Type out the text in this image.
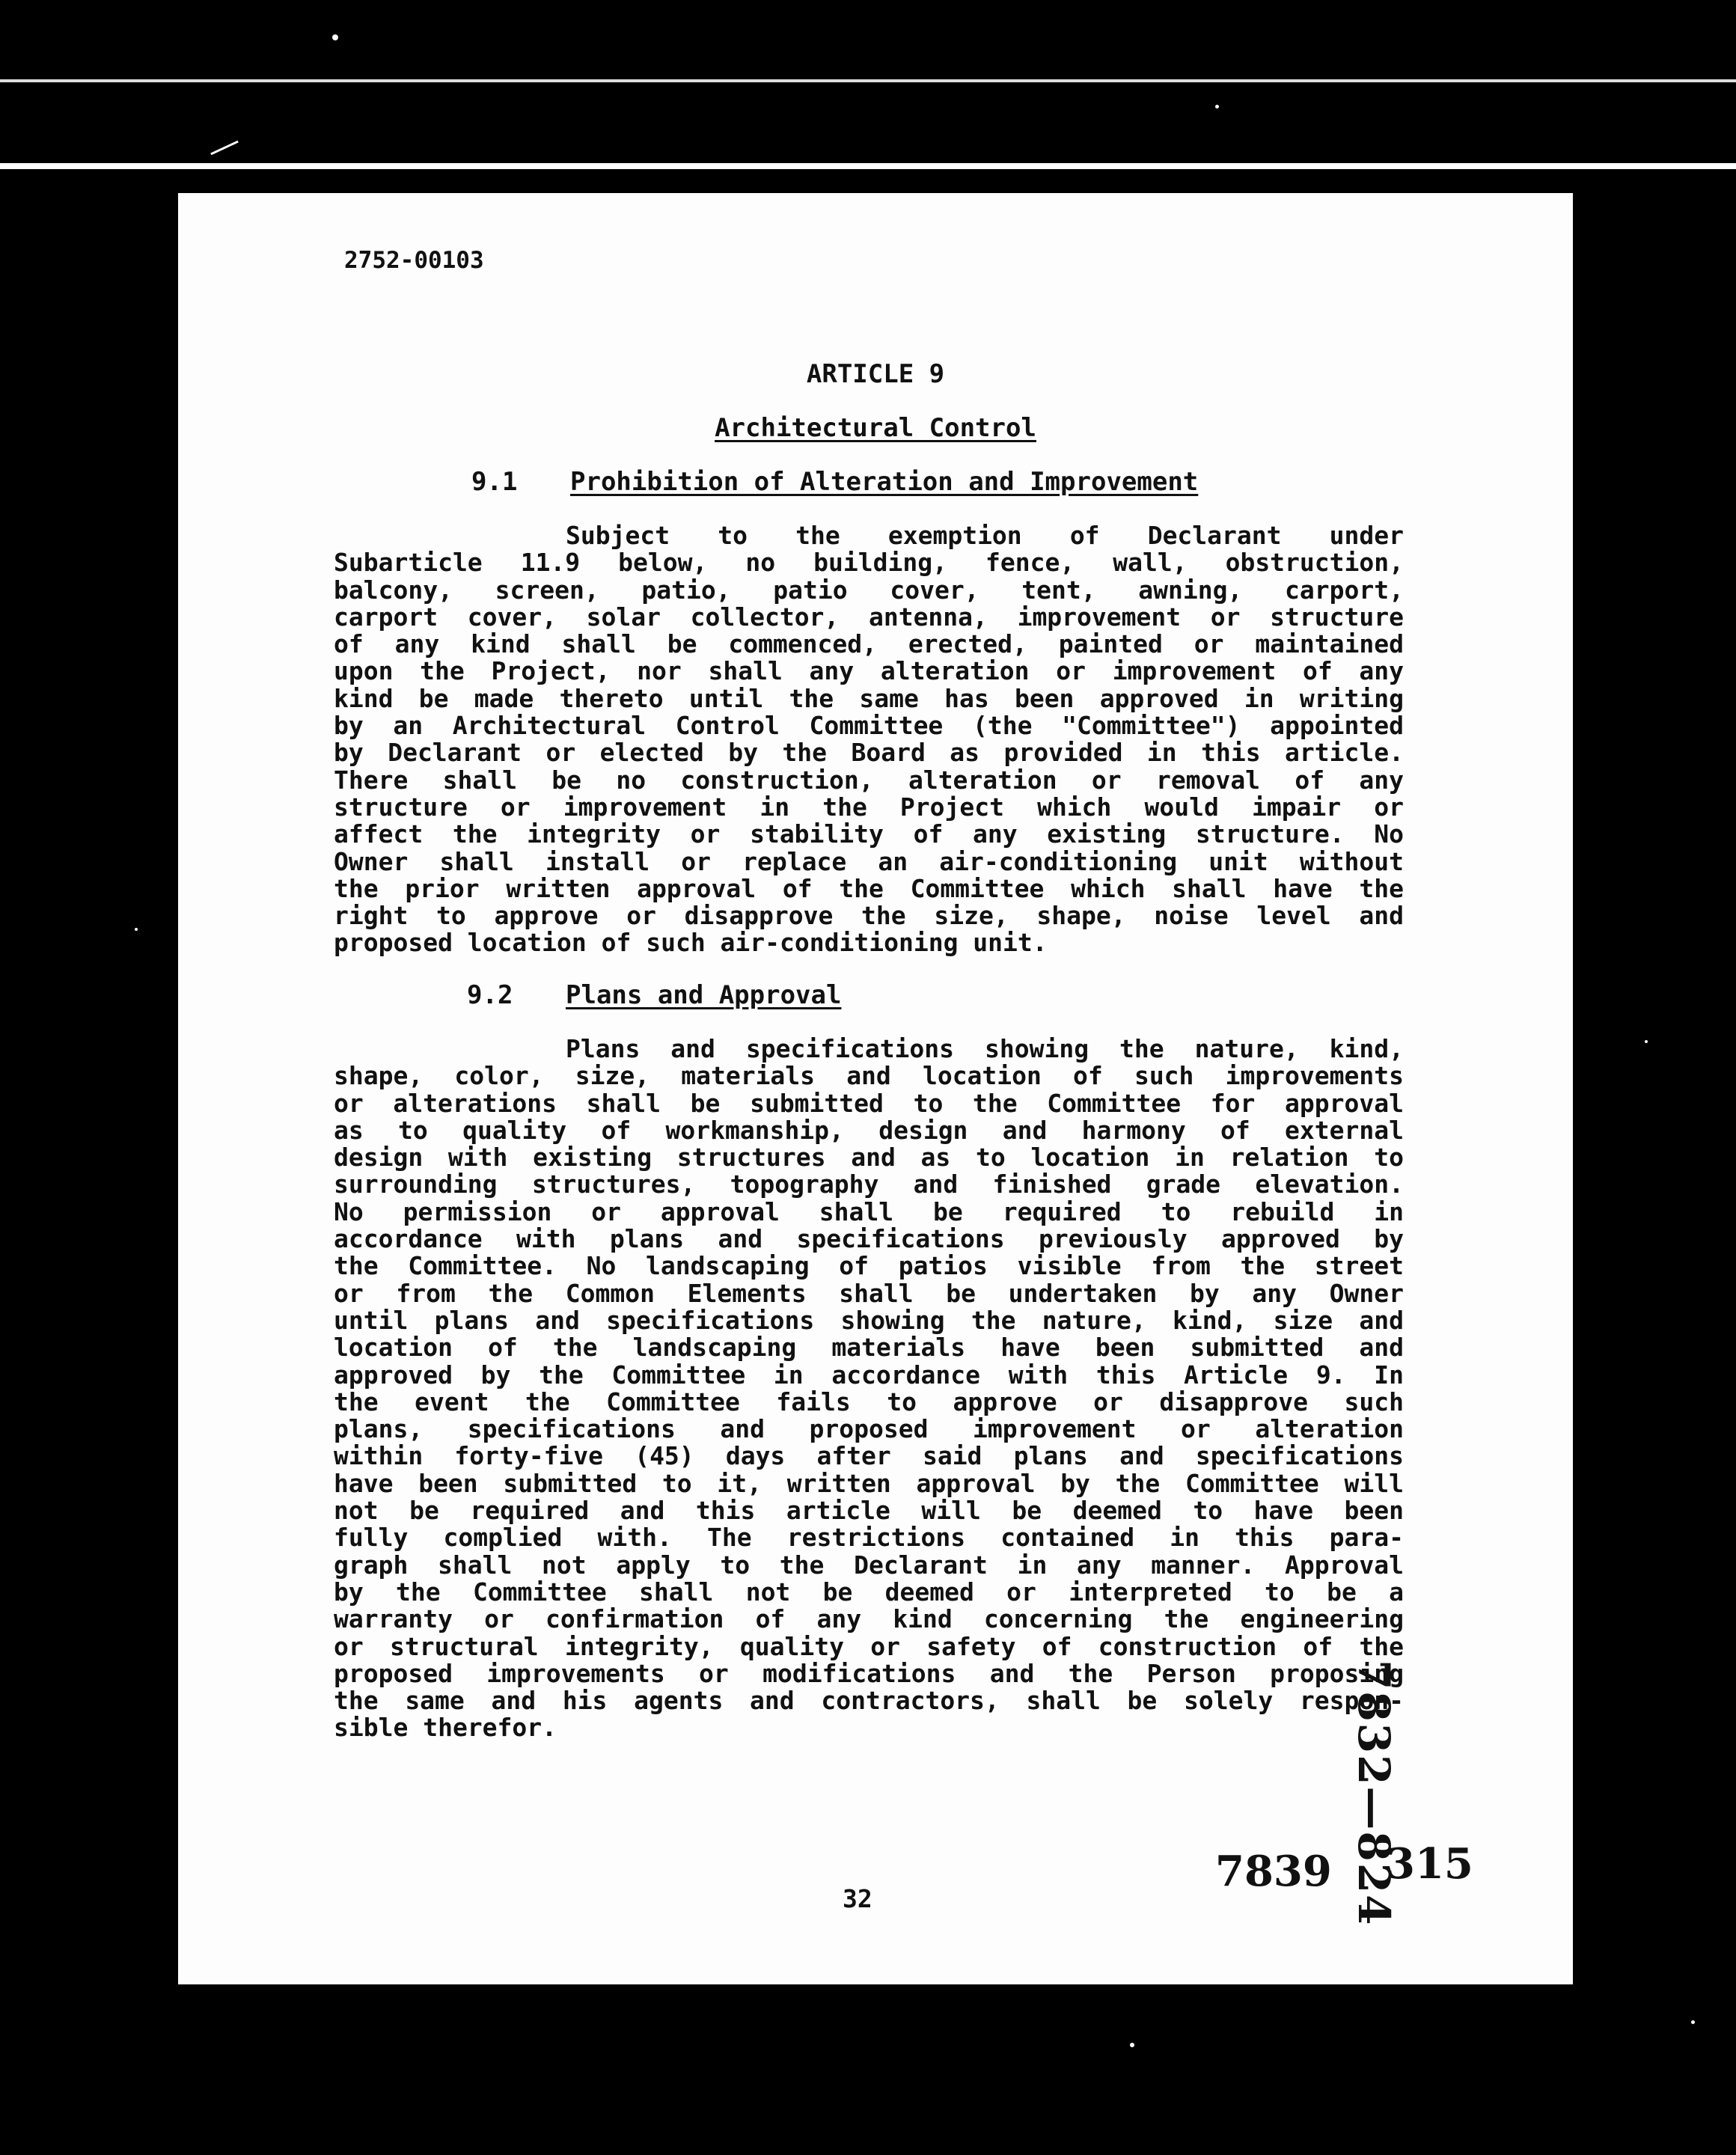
2752-00103
ARTICLE 9
Architectural Control
9.1 Prohibition of Alteration and Improvement
Subject to the exemption of Declarant under
Subarticle 11.9 below, no building, fence, wall, obstruction,
balcony, screen, patio, patio cover, tent, awning, carport,
carport cover, solar collector, antenna, improvement or structure
of any kind shall be commenced, erected, painted or maintained
upon the Project, nor shall any alteration or improvement of any
kind be made thereto until the same has been approved in writing
by an Architectural Control Committee (the "Committee") appointed
by Declarant or elected by the Board as provided in this article.
There shall be no construction, alteration or removal of any
structure or improvement in the Project which would impair or
affect the integrity or stability of any existing structure. No
Owner shall install or replace an air-conditioning unit without
the prior written approval of the Committee which shall have the
right to approve or disapprove the size, shape, noise level and
proposed location of such air-conditioning unit.
9.2 Plans and Approval
Plans and specifications showing the nature, kind,
shape, color, size, materials and location of such improvements
or alterations shall be submitted to the Committee for approval
as to quality of workmanship, design and harmony of external
design with existing structures and as to location in relation to
surrounding structures, topography and finished grade elevation.
No permission or approval shall be required to rebuild in
accordance with plans and specifications previously approved by
the Committee. No landscaping of patios visible from the street
or from the Common Elements shall be undertaken by any Owner
until plans and specifications showing the nature, kind, size and
location of the landscaping materials have been submitted and
approved by the Committee in accordance with this Article 9. In
the event the Committee fails to approve or disapprove such
plans, specifications and proposed improvement or alteration
within forty-five (45) days after said plans and specifications
have been submitted to it, written approval by the Committee will
not be required and this article will be deemed to have been
fully complied with. The restrictions contained in this para-
graph shall not apply to the Declarant in any manner. Approval
by the Committee shall not be deemed or interpreted to be a
warranty or confirmation of any kind concerning the engineering
or structural integrity, quality or safety of construction of the
proposed improvements or modifications and the Person proposing
the same and his agents and contractors, shall be solely respon-
sible therefor.	7832—824
32
7839 315
